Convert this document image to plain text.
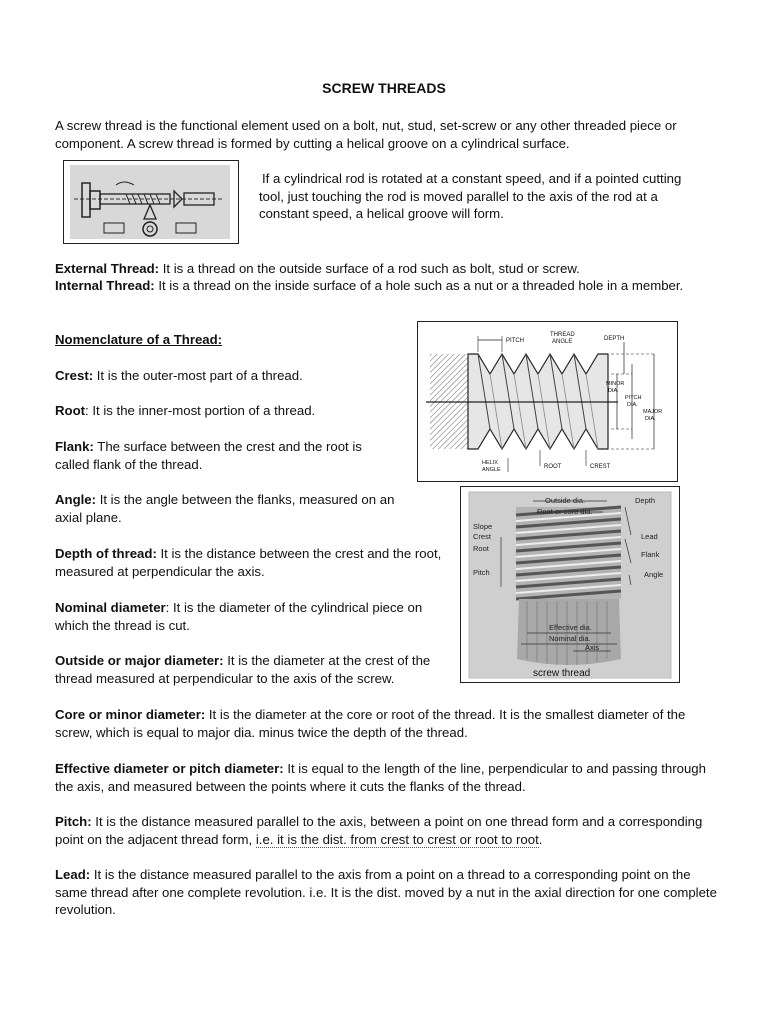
SCREW THREADS

A screw thread is the functional element used on a bolt, nut, stud, set-screw or any other threaded piece or component. A screw thread is formed by cutting a helical groove on a cylindrical surface.

If a cylindrical rod is rotated at a constant speed, and if a pointed cutting tool, just touching the rod is moved parallel to the axis of the rod at a constant speed, a helical groove will form.

External Thread: It is a thread on the outside surface of a rod such as bolt, stud or screw.

Internal Thread: It is a thread on the inside surface of a hole such as a nut or a threaded hole in a member.

Nomenclature of a Thread:

Crest: It is the outer-most part of a thread.

Root: It is the inner-most portion of a thread.

Flank: The surface between the crest and the root is called flank of the thread.

Angle: It is the angle between the flanks, measured on an axial plane.

Depth of thread: It is the distance between the crest and the root, measured at perpendicular the axis.

Nominal diameter: It is the diameter of the cylindrical piece on which the thread is cut.

Outside or major diameter: It is the diameter at the crest of the thread measured at perpendicular to the axis of the screw.

Core or minor diameter: It is the diameter at the core or root of the thread. It is the smallest diameter of the screw, which is equal to major dia. minus twice the depth of the thread.

Effective diameter or pitch diameter: It is equal to the length of the line, perpendicular to and passing through the axis, and measured between the points where it cuts the flanks of the thread.

Pitch: It is the distance measured parallel to the axis, between a point on one thread form and a corresponding point on the adjacent thread form, i.e. it is the dist. from crest to crest or root to root.

Lead: It is the distance measured parallel to the axis from a point on a thread to a corresponding point on the same thread after one complete revolution. i.e. It is the dist. moved by a nut in the axial direction for one complete revolution.

PITCH
THREAD
ANGLE	DEPTH
MINOR
DIA.
PITCH
DIA.
MAJOR
DIA.
HELIX
ANGLE	ROOT	CREST
Outside dia.
Root or core dia.
Depth
Slope
Crest
Root
Pitch
Lead
Flank
Angle
Effective dia.
Nominal dia.
Axis
screw thread
